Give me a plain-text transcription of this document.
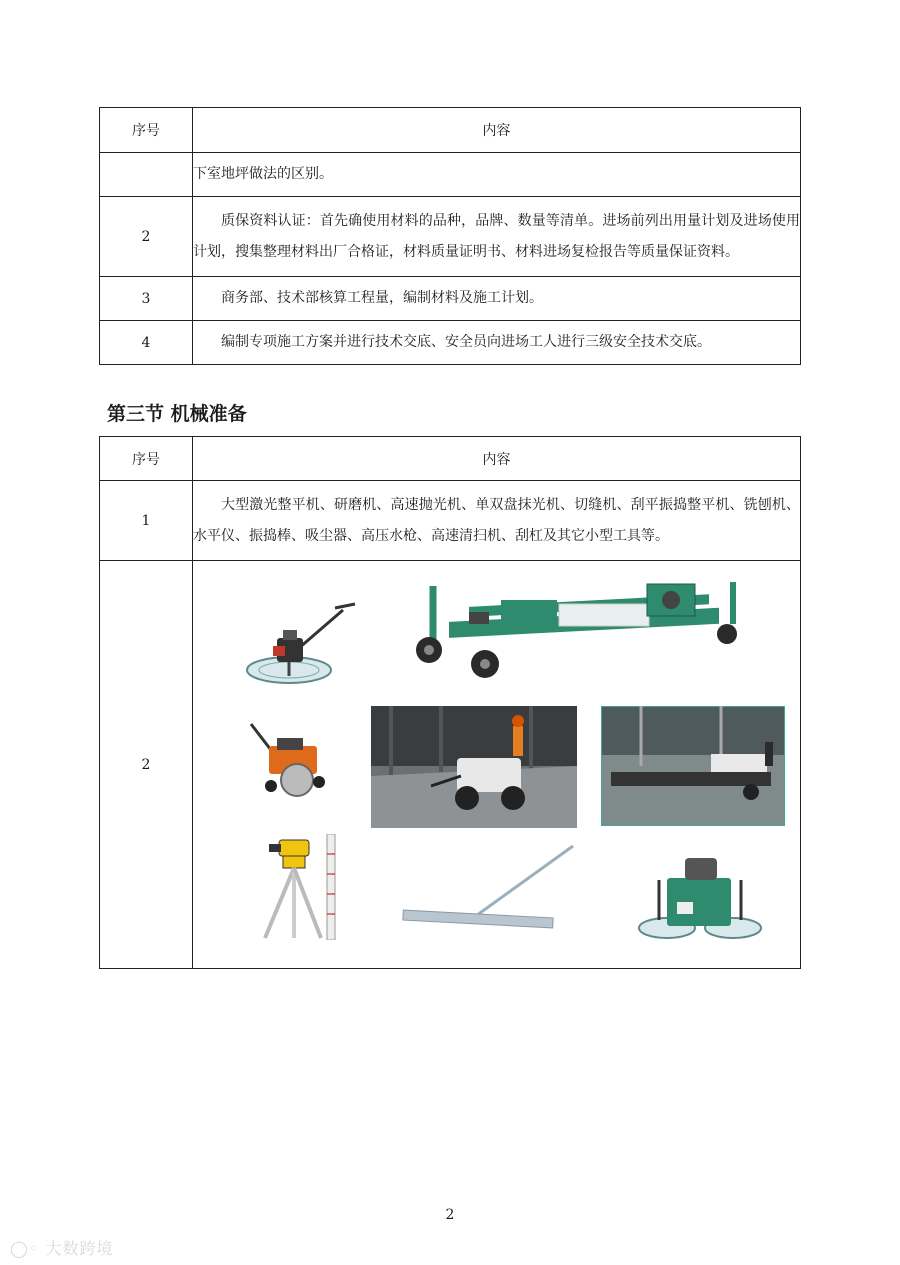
序号	内容
	下室地坪做法的区别。
2	质保资料认证：首先确使用材料的品种，品牌、数量等清单。进场前列出用量计划及进场使用计划，搜集整理材料出厂合格证，材料质量证明书、材料进场复检报告等质量保证资料。
3	商务部、技术部核算工程量，编制材料及施工计划。
4	编制专项施工方案并进行技术交底、安全员向进场工人进行三级安全技术交底。
第三节 机械准备
序号	内容
1	大型激光整平机、研磨机、高速抛光机、单双盘抹光机、切缝机、刮平振捣整平机、铣刨机、水平仪、振捣棒、吸尘器、高压水枪、高速清扫机、刮杠及其它小型工具等。
2	SUPERSCREED
2
◯◦ 大数跨境
